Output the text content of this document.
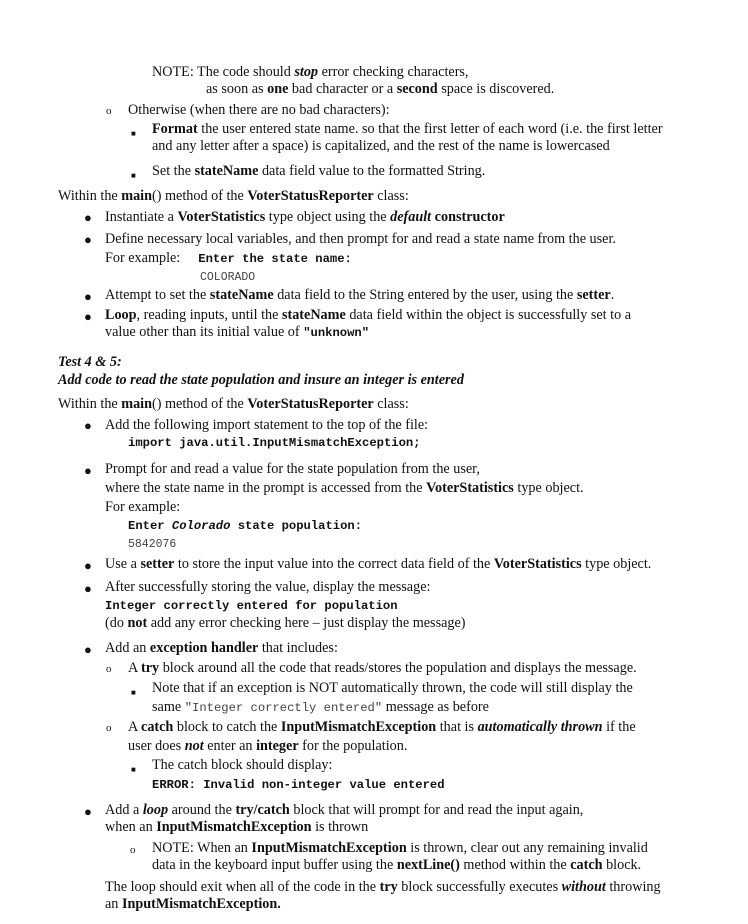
NOTE: The code should stop error checking characters,
as soon as one bad character or a second space is discovered.
o Otherwise (when there are no bad characters):
■ Format the user entered state name. so that the first letter of each word (i.e. the first letter
and any letter after a space) is capitalized, and the rest of the name is lowercased
■ Set the stateName data field value to the formatted String.
Within the main() method of the VoterStatusReporter class:
● Instantiate a VoterStatistics type object using the default constructor
● Define necessary local variables, and then prompt for and read a state name from the user.
For example: Enter the state name:
COLORADO
● Attempt to set the stateName data field to the String entered by the user, using the setter.
● Loop, reading inputs, until the stateName data field within the object is successfully set to a
value other than its initial value of "unknown"
Test 4 & 5:
Add code to read the state population and insure an integer is entered
Within the main() method of the VoterStatusReporter class:
● Add the following import statement to the top of the file:
import java.util.InputMismatchException;
● Prompt for and read a value for the state population from the user,
where the state name in the prompt is accessed from the VoterStatistics type object.
For example:
Enter Colorado state population:
5842076
● Use a setter to store the input value into the correct data field of the VoterStatistics type object.
● After successfully storing the value, display the message:
Integer correctly entered for population
(do not add any error checking here – just display the message)
● Add an exception handler that includes:
o A try block around all the code that reads/stores the population and displays the message.
■ Note that if an exception is NOT automatically thrown, the code will still display the
same "Integer correctly entered" message as before
o A catch block to catch the InputMismatchException that is automatically thrown if the
user does not enter an integer for the population.
■ The catch block should display:
ERROR: Invalid non-integer value entered
● Add a loop around the try/catch block that will prompt for and read the input again,
when an InputMismatchException is thrown
o NOTE: When an InputMismatchException is thrown, clear out any remaining invalid
data in the keyboard input buffer using the nextLine() method within the catch block.
The loop should exit when all of the code in the try block successfully executes without throwing
an InputMismatchException.
